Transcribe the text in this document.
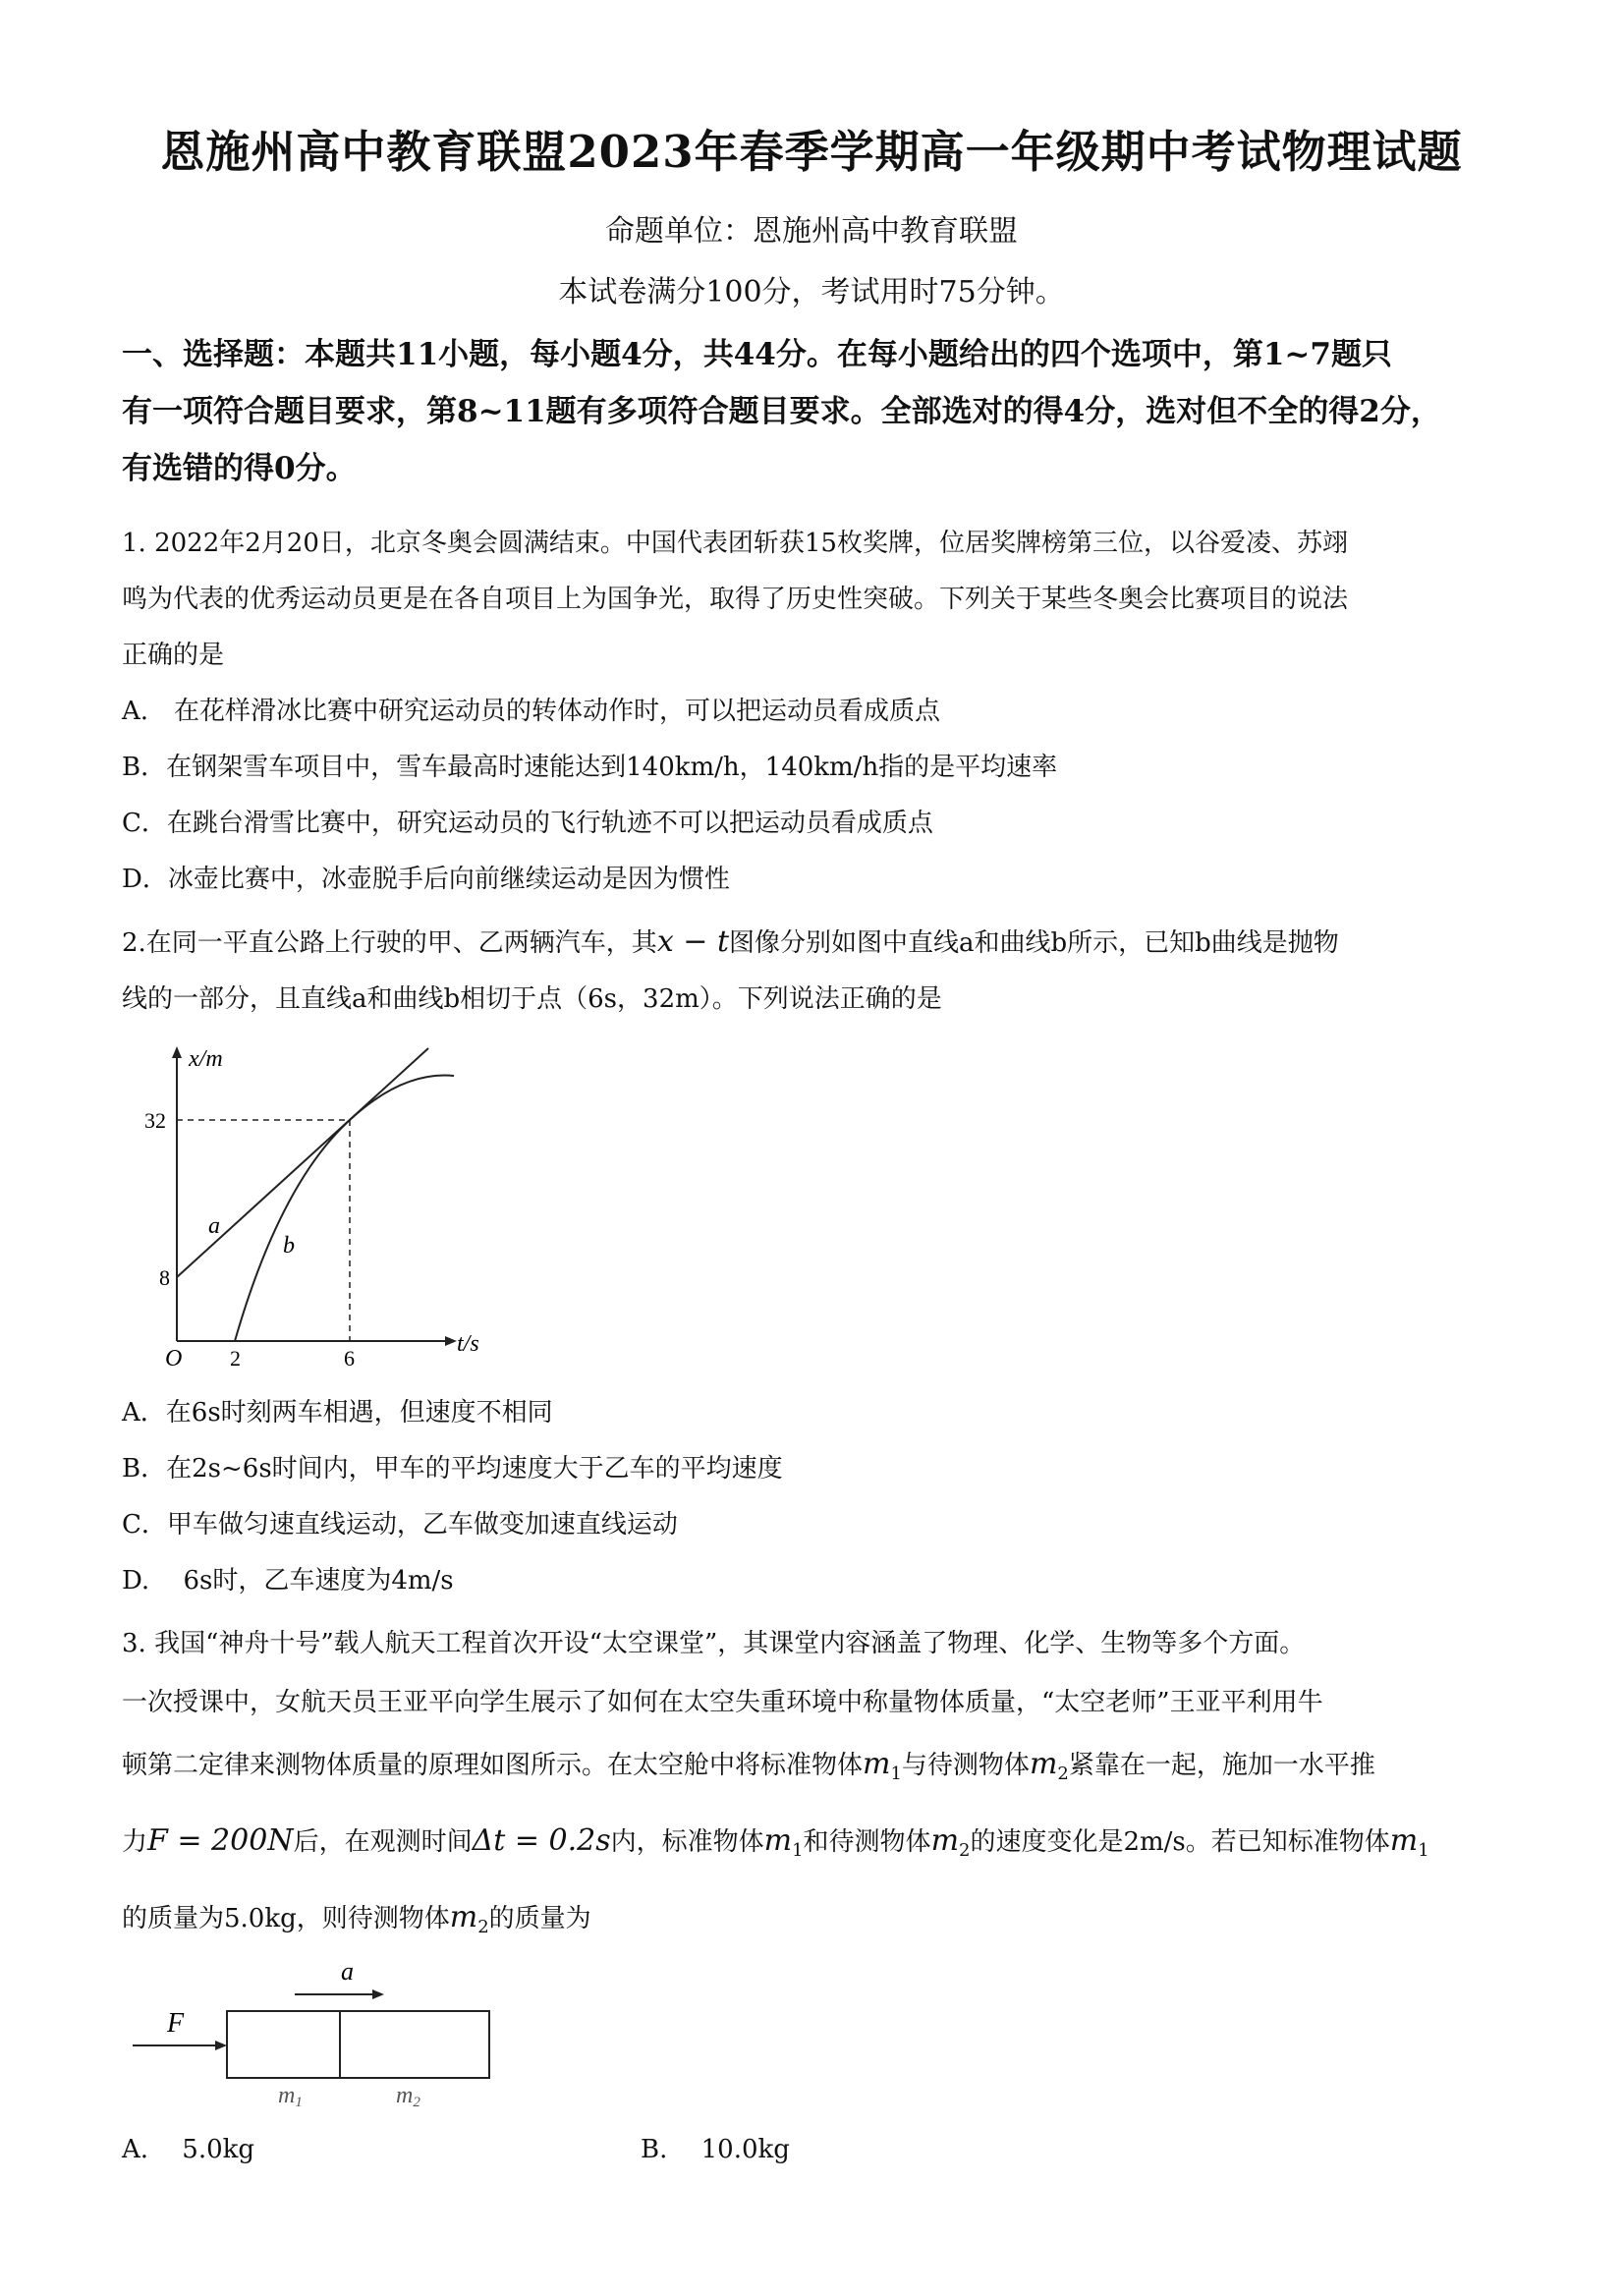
恩施州高中教育联盟2023年春季学期高一年级期中考试物理试题
命题单位：恩施州高中教育联盟
本试卷满分100分，考试用时75分钟。
一、选择题：本题共11小题，每小题4分，共44分。在每小题给出的四个选项中，第1~7题只
有一项符合题目要求，第8~11题有多项符合题目要求。全部选对的得4分，选对但不全的得2分，
有选错的得0分。
1. 2022年2月20日，北京冬奥会圆满结束。中国代表团斩获15枚奖牌，位居奖牌榜第三位，以谷爱凌、苏翊
鸣为代表的优秀运动员更是在各自项目上为国争光，取得了历史性突破。下列关于某些冬奥会比赛项目的说法
正确的是
A.　在花样滑冰比赛中研究运动员的转体动作时，可以把运动员看成质点
B．在钢架雪车项目中，雪车最高时速能达到140km/h，140km/h指的是平均速率
C．在跳台滑雪比赛中，研究运动员的飞行轨迹不可以把运动员看成质点
D．冰壶比赛中，冰壶脱手后向前继续运动是因为惯性
2.在同一平直公路上行驶的甲、乙两辆汽车，其x − t图像分别如图中直线a和曲线b所示，已知b曲线是抛物
线的一部分，且直线a和曲线b相切于点（6s，32m）。下列说法正确的是
x/m
t/s
O
32
8
2	6
a
b
A．在6s时刻两车相遇，但速度不相同
B．在2s~6s时间内，甲车的平均速度大于乙车的平均速度
C．甲车做匀速直线运动，乙车做变加速直线运动
D.　 6s时，乙车速度为4m/s
3. 我国“神舟十号”载人航天工程首次开设“太空课堂”，其课堂内容涵盖了物理、化学、生物等多个方面。
一次授课中，女航天员王亚平向学生展示了如何在太空失重环境中称量物体质量，“太空老师”王亚平利用牛
顿第二定律来测物体质量的原理如图所示。在太空舱中将标准物体$m_1$与待测物体$m_2$紧靠在一起，施加一水平推
力F = 200N后，在观测时间Δt = 0.2s内，标准物体$m_1$和待测物体$m_2$的速度变化是2m/s。若已知标准物体$m_1$
的质量为5.0kg，则待测物体$m_2$的质量为
F
a
m1	m2
A.　 5.0kg	B.　 10.0kg
